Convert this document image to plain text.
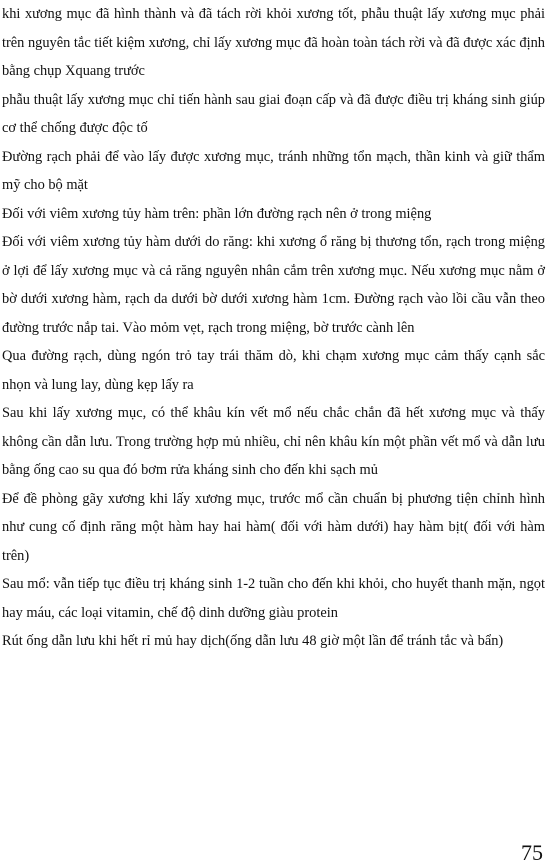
khi xương mục đã hình thành và đã tách rời khỏi xương tốt, phẫu thuật lấy xương mục phải trên nguyên tắc tiết kiệm xương, chỉ lấy xương mục đã hoàn toàn tách rời và đã được xác định bằng chụp Xquang trước

phẫu thuật lấy xương mục chỉ tiến hành sau giai đoạn cấp và đã được điều trị kháng sinh giúp cơ thể chống được độc tố

Đường rạch phải để vào lấy được xương mục, tránh những tổn mạch, thần kinh và giữ thẩm mỹ cho bộ mặt

Đối với viêm xương tủy hàm trên: phần lớn đường rạch nên ở trong miệng

Đối với viêm xương tủy hàm dưới do răng: khi xương ổ răng bị thương tổn, rạch trong miệng ở lợi để lấy xương mục và cả răng nguyên nhân cắm trên xương mục. Nếu xương mục nằm ở bờ dưới xương hàm, rạch da dưới bờ dưới xương hàm 1cm. Đường rạch vào lồi cầu vẫn theo đường trước nắp tai. Vào mỏm vẹt, rạch trong miệng, bờ trước cành lên

Qua đường rạch, dùng ngón trỏ tay trái thăm dò, khi chạm xương mục cảm thấy cạnh sắc nhọn và lung lay, dùng kẹp lấy ra

Sau khi lấy xương mục, có thể khâu kín vết mổ nếu chắc chắn đã hết xương mục và thấy không cần dẫn lưu. Trong trường hợp mủ nhiều, chỉ nên khâu kín một phần vết mổ và dẫn lưu bằng ống cao su qua đó bơm rửa kháng sinh cho đến khi sạch mủ

Để đề phòng gãy xương khi lấy xương mục, trước mổ cần chuẩn bị phương tiện chỉnh hình như cung cố định răng một hàm hay hai hàm( đối với hàm dưới) hay hàm bịt( đối với hàm trên)

Sau mổ: vẫn tiếp tục điều trị kháng sinh 1-2 tuần cho đến khi khỏi, cho huyết thanh mặn, ngọt hay máu, các loại vitamin, chế độ dinh dưỡng giàu protein

Rút ống dẫn lưu khi hết rỉ mủ hay dịch(ống dẫn lưu 48 giờ một lần để tránh tắc và bẩn)

75
